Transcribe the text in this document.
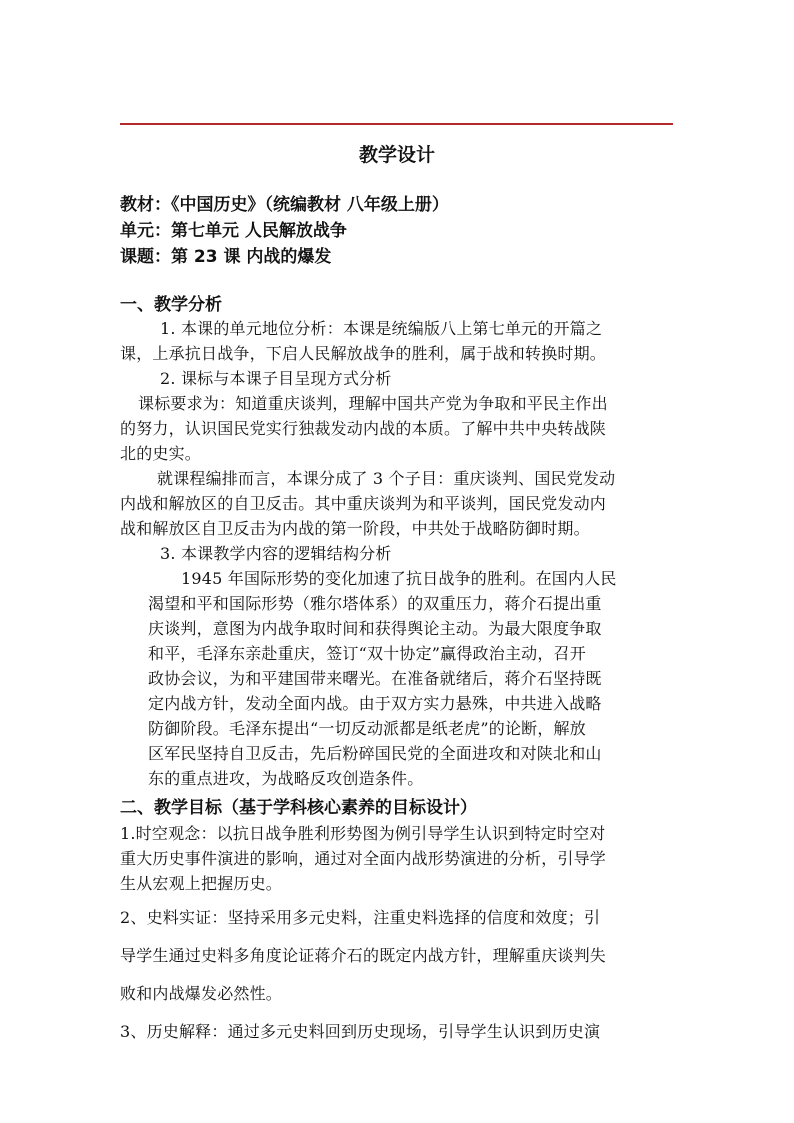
教学设计
教材：《中国历史》（统编教材 八年级上册）
单元：第七单元 人民解放战争
课题：第 23 课 内战的爆发
一、教学分析
1. 本课的单元地位分析：本课是统编版八上第七单元的开篇之
课，上承抗日战争，下启人民解放战争的胜利，属于战和转换时期。
2. 课标与本课子目呈现方式分析
课标要求为：知道重庆谈判，理解中国共产党为争取和平民主作出
的努力，认识国民党实行独裁发动内战的本质。了解中共中央转战陕
北的史实。
就课程编排而言，本课分成了 3 个子目：重庆谈判、国民党发动
内战和解放区的自卫反击。其中重庆谈判为和平谈判，国民党发动内
战和解放区自卫反击为内战的第一阶段，中共处于战略防御时期。
3. 本课教学内容的逻辑结构分析
1945 年国际形势的变化加速了抗日战争的胜利。在国内人民
渴望和平和国际形势（雅尔塔体系）的双重压力，蒋介石提出重
庆谈判，意图为内战争取时间和获得舆论主动。为最大限度争取
和平，毛泽东亲赴重庆，签订“双十协定”赢得政治主动，召开
政协会议，为和平建国带来曙光。在准备就绪后，蒋介石坚持既
定内战方针，发动全面内战。由于双方实力悬殊，中共进入战略
防御阶段。毛泽东提出“一切反动派都是纸老虎”的论断，解放
区军民坚持自卫反击，先后粉碎国民党的全面进攻和对陕北和山
东的重点进攻，为战略反攻创造条件。
二、教学目标（基于学科核心素养的目标设计）
1.时空观念：以抗日战争胜利形势图为例引导学生认识到特定时空对
重大历史事件演进的影响，通过对全面内战形势演进的分析，引导学
生从宏观上把握历史。
2、史料实证：坚持采用多元史料，注重史料选择的信度和效度；引
导学生通过史料多角度论证蒋介石的既定内战方针，理解重庆谈判失
败和内战爆发必然性。
3、历史解释：通过多元史料回到历史现场，引导学生认识到历史演
